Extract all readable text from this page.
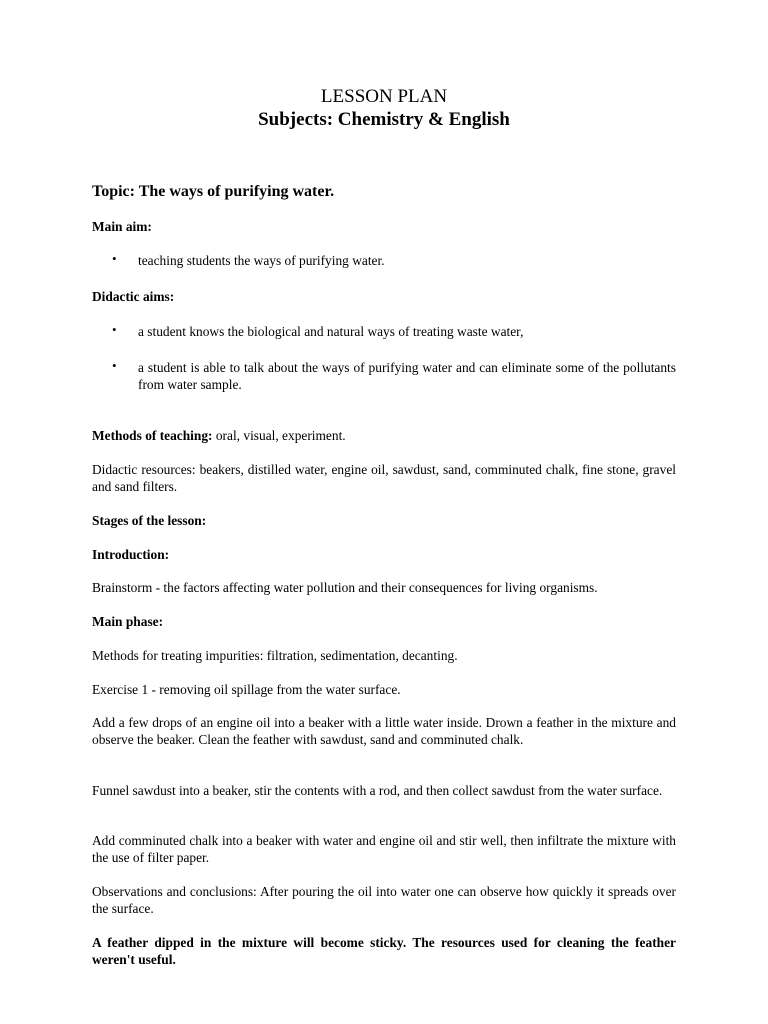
LESSON PLAN
Subjects: Chemistry & English
Topic: The ways of purifying water.
Main aim:
• teaching students the ways of purifying water.
Didactic aims:
• a student knows the biological and natural ways of treating waste water,
• a student is able to talk about the ways of purifying water and can eliminate some of the pollutants from water sample.
Methods of teaching: oral, visual, experiment.
Didactic resources: beakers, distilled water, engine oil, sawdust, sand, comminuted chalk, fine stone, gravel and sand filters.
Stages of the lesson:
Introduction:
Brainstorm - the factors affecting water pollution and their consequences for living organisms.
Main phase:
Methods for treating impurities: filtration, sedimentation, decanting.
Exercise 1 - removing oil spillage from the water surface.
Add a few drops of an engine oil into a beaker with a little water inside. Drown a feather in the mixture and observe the beaker. Clean the feather with sawdust, sand and comminuted chalk.
Funnel sawdust into a beaker, stir the contents with a rod, and then collect sawdust from the water surface.
Add comminuted chalk into a beaker with water and engine oil and stir well, then infiltrate the mixture with the use of filter paper.
Observations and conclusions: After pouring the oil into water one can observe how quickly it spreads over the surface.
A feather dipped in the mixture will become sticky. The resources used for cleaning the feather weren't useful.
